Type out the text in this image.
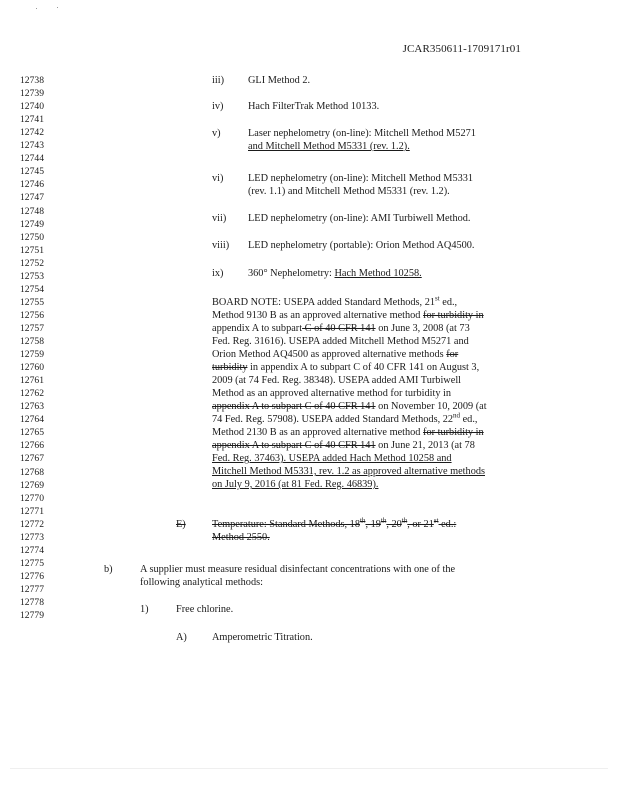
JCAR350611-1709171r01
12738
12739
12740
12741
12742
12743
12744
12745
12746
12747
12748
12749
12750
12751
12752
12753
12754
12755
12756
12757
12758
12759
12760
12761
12762
12763
12764
12765
12766
12767
12768
12769
12770
12771
12772
12773
12774
12775
12776
12777
12778
12779
iii) GLI Method 2.
iv) Hach FilterTrak Method 10133.
v)	Laser nephelometry (on-line): Mitchell Method M5271
and Mitchell Method M5331 (rev. 1.2).
vi) LED nephelometry (on-line): Mitchell Method M5331
(rev. 1.1) and Mitchell Method M5331 (rev. 1.2).
vii) LED nephelometry (on-line): AMI Turbiwell Method.
viii) LED nephelometry (portable): Orion Method AQ4500.
ix) 360° Nephelometry: Hach Method 10258.
BOARD NOTE: USEPA added Standard Methods, 21st ed.,
Method 9130 B as an approved alternative method for turbidity in
appendix A to subpart C of 40 CFR 141 on June 3, 2008 (at 73
Fed. Reg. 31616). USEPA added Mitchell Method M5271 and
Orion Method AQ4500 as approved alternative methods for
turbidity in appendix A to subpart C of 40 CFR 141 on August 3,
2009 (at 74 Fed. Reg. 38348). USEPA added AMI Turbiwell
Method as an approved alternative method for turbidity in
appendix A to subpart C of 40 CFR 141 on November 10, 2009 (at
74 Fed. Reg. 57908). USEPA added Standard Methods, 22nd ed.,
Method 2130 B as an approved alternative method for turbidity in
appendix A to subpart C of 40 CFR 141 on June 21, 2013 (at 78
Fed. Reg. 37463). USEPA added Hach Method 10258 and
Mitchell Method M5331, rev. 1.2 as approved alternative methods
on July 9, 2016 (at 81 Fed. Reg. 46839).
E)	Temperature: Standard Methods, 18th, 19th, 20th, or 21st ed.:
Method 2550.
b)	A supplier must measure residual disinfectant concentrations with one of the
following analytical methods:
1)	Free chlorine.
A) Amperometric Titration.
